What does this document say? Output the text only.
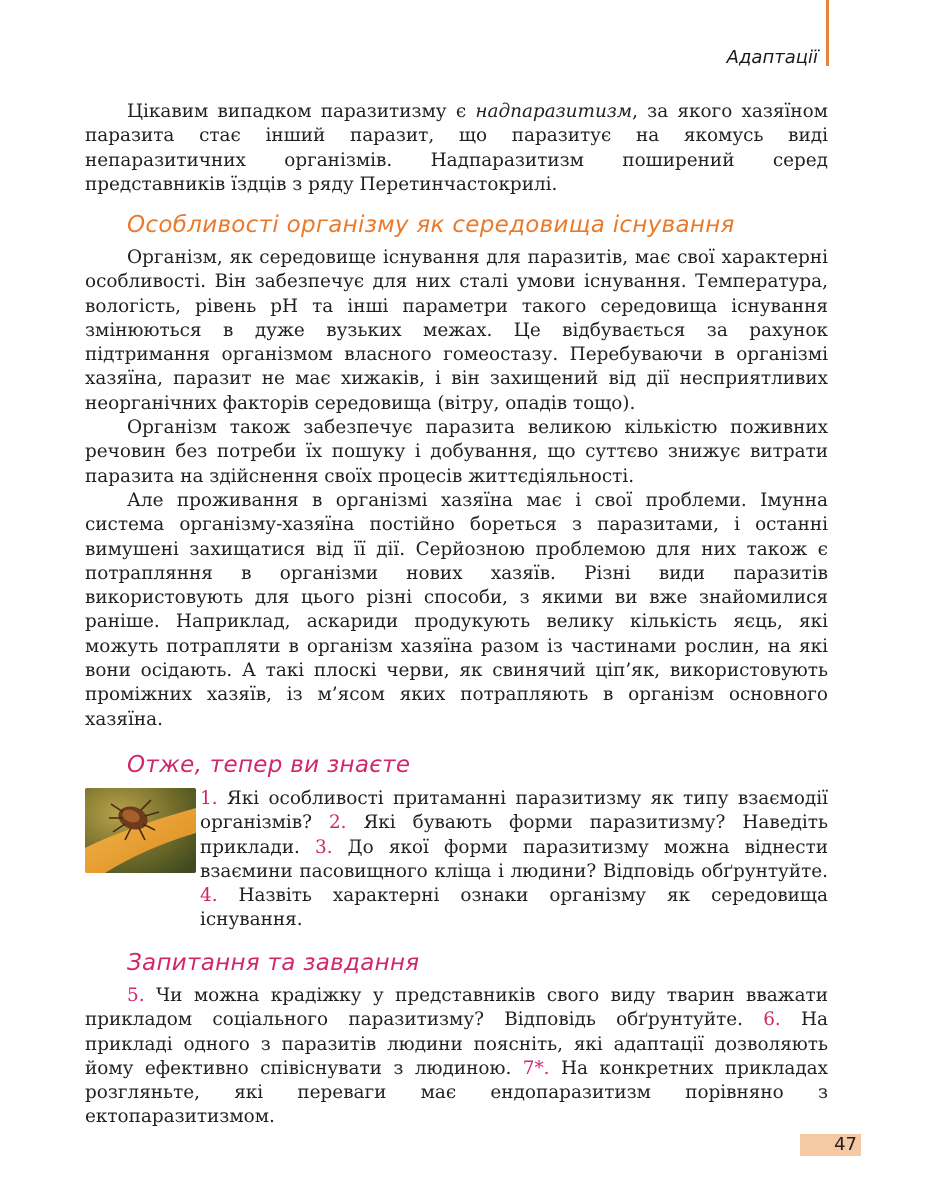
Адаптації

Цікавим випадком паразитизму є надпаразитизм, за якого хазяїном паразита стає інший паразит, що паразитує на якомусь виді непаразитичних організмів. Надпаразитизм поширений серед представників їздців з ряду Перетинчастокрилі.

Особливості організму як середовища існування

Організм, як середовище існування для паразитів, має свої характерні особливості. Він забезпечує для них сталі умови існування. Температура, вологість, рівень pH та інші параметри такого середовища існування змінюються в дуже вузьких межах. Це відбувається за рахунок підтримання організмом власного гомеостазу. Перебуваючи в організмі хазяїна, паразит не має хижаків, і він захищений від дії несприятливих неорганічних факторів середовища (вітру, опадів тощо).

Організм також забезпечує паразита великою кількістю поживних речовин без потреби їх пошуку і добування, що суттєво знижує витрати паразита на здійснення своїх процесів життєдіяльності.

Але проживання в організмі хазяїна має і свої проблеми. Імунна система організму-хазяїна постійно бореться з паразитами, і останні вимушені захищатися від її дії. Серйозною проблемою для них також є потрапляння в організми нових хазяїв. Різні види паразитів використовують для цього різні способи, з якими ви вже знайомилися раніше. Наприклад, аскариди продукують велику кількість яєць, які можуть потрапляти в організм хазяїна разом із частинами рослин, на які вони осідають. А такі плоскі черви, як свинячий ціп’як, використовують проміжних хазяїв, із м’ясом яких потрапляють в організм основного хазяїна.

Отже, тепер ви знаєте

1. Які особливості притаманні паразитизму як типу взаємодії організмів? 2. Які бувають форми паразитизму? Наведіть приклади. 3. До якої форми паразитизму можна віднести взаємини пасовищного кліща і людини? Відповідь обґрунтуйте. 4. Назвіть характерні ознаки організму як середовища існування.

Запитання та завдання

5. Чи можна крадіжку у представників свого виду тварин вважати прикладом соціального паразитизму? Відповідь обґрунтуйте. 6. На прикладі одного з паразитів людини поясніть, які адаптації дозволяють йому ефективно співіснувати з людиною. 7*. На конкретних прикладах розгляньте, які переваги має ендопаразитизм порівняно з ектопаразитизмом.

47
